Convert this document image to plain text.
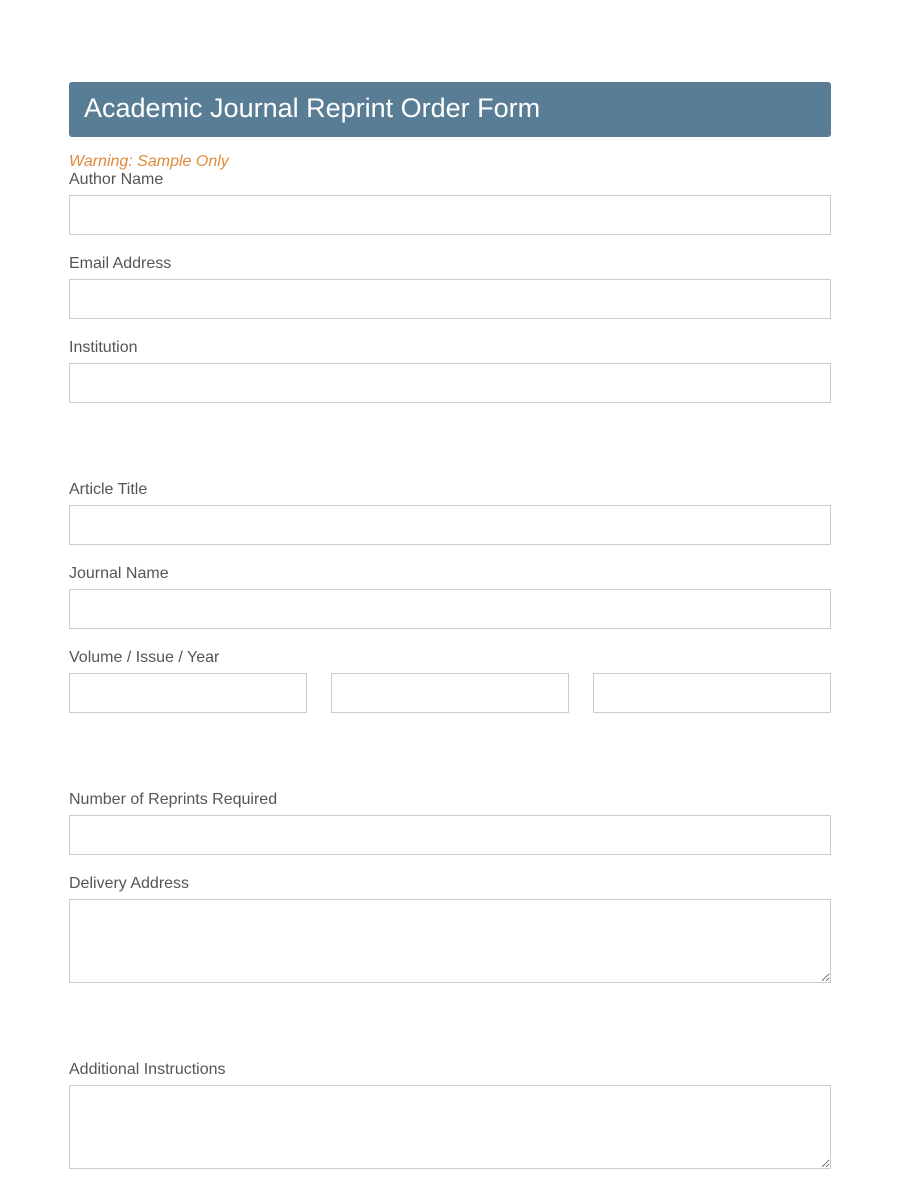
Academic Journal Reprint Order Form
Warning: Sample Only
Author Name
Email Address
Institution
Article Title
Journal Name
Volume / Issue / Year
Number of Reprints Required
Delivery Address
Additional Instructions
